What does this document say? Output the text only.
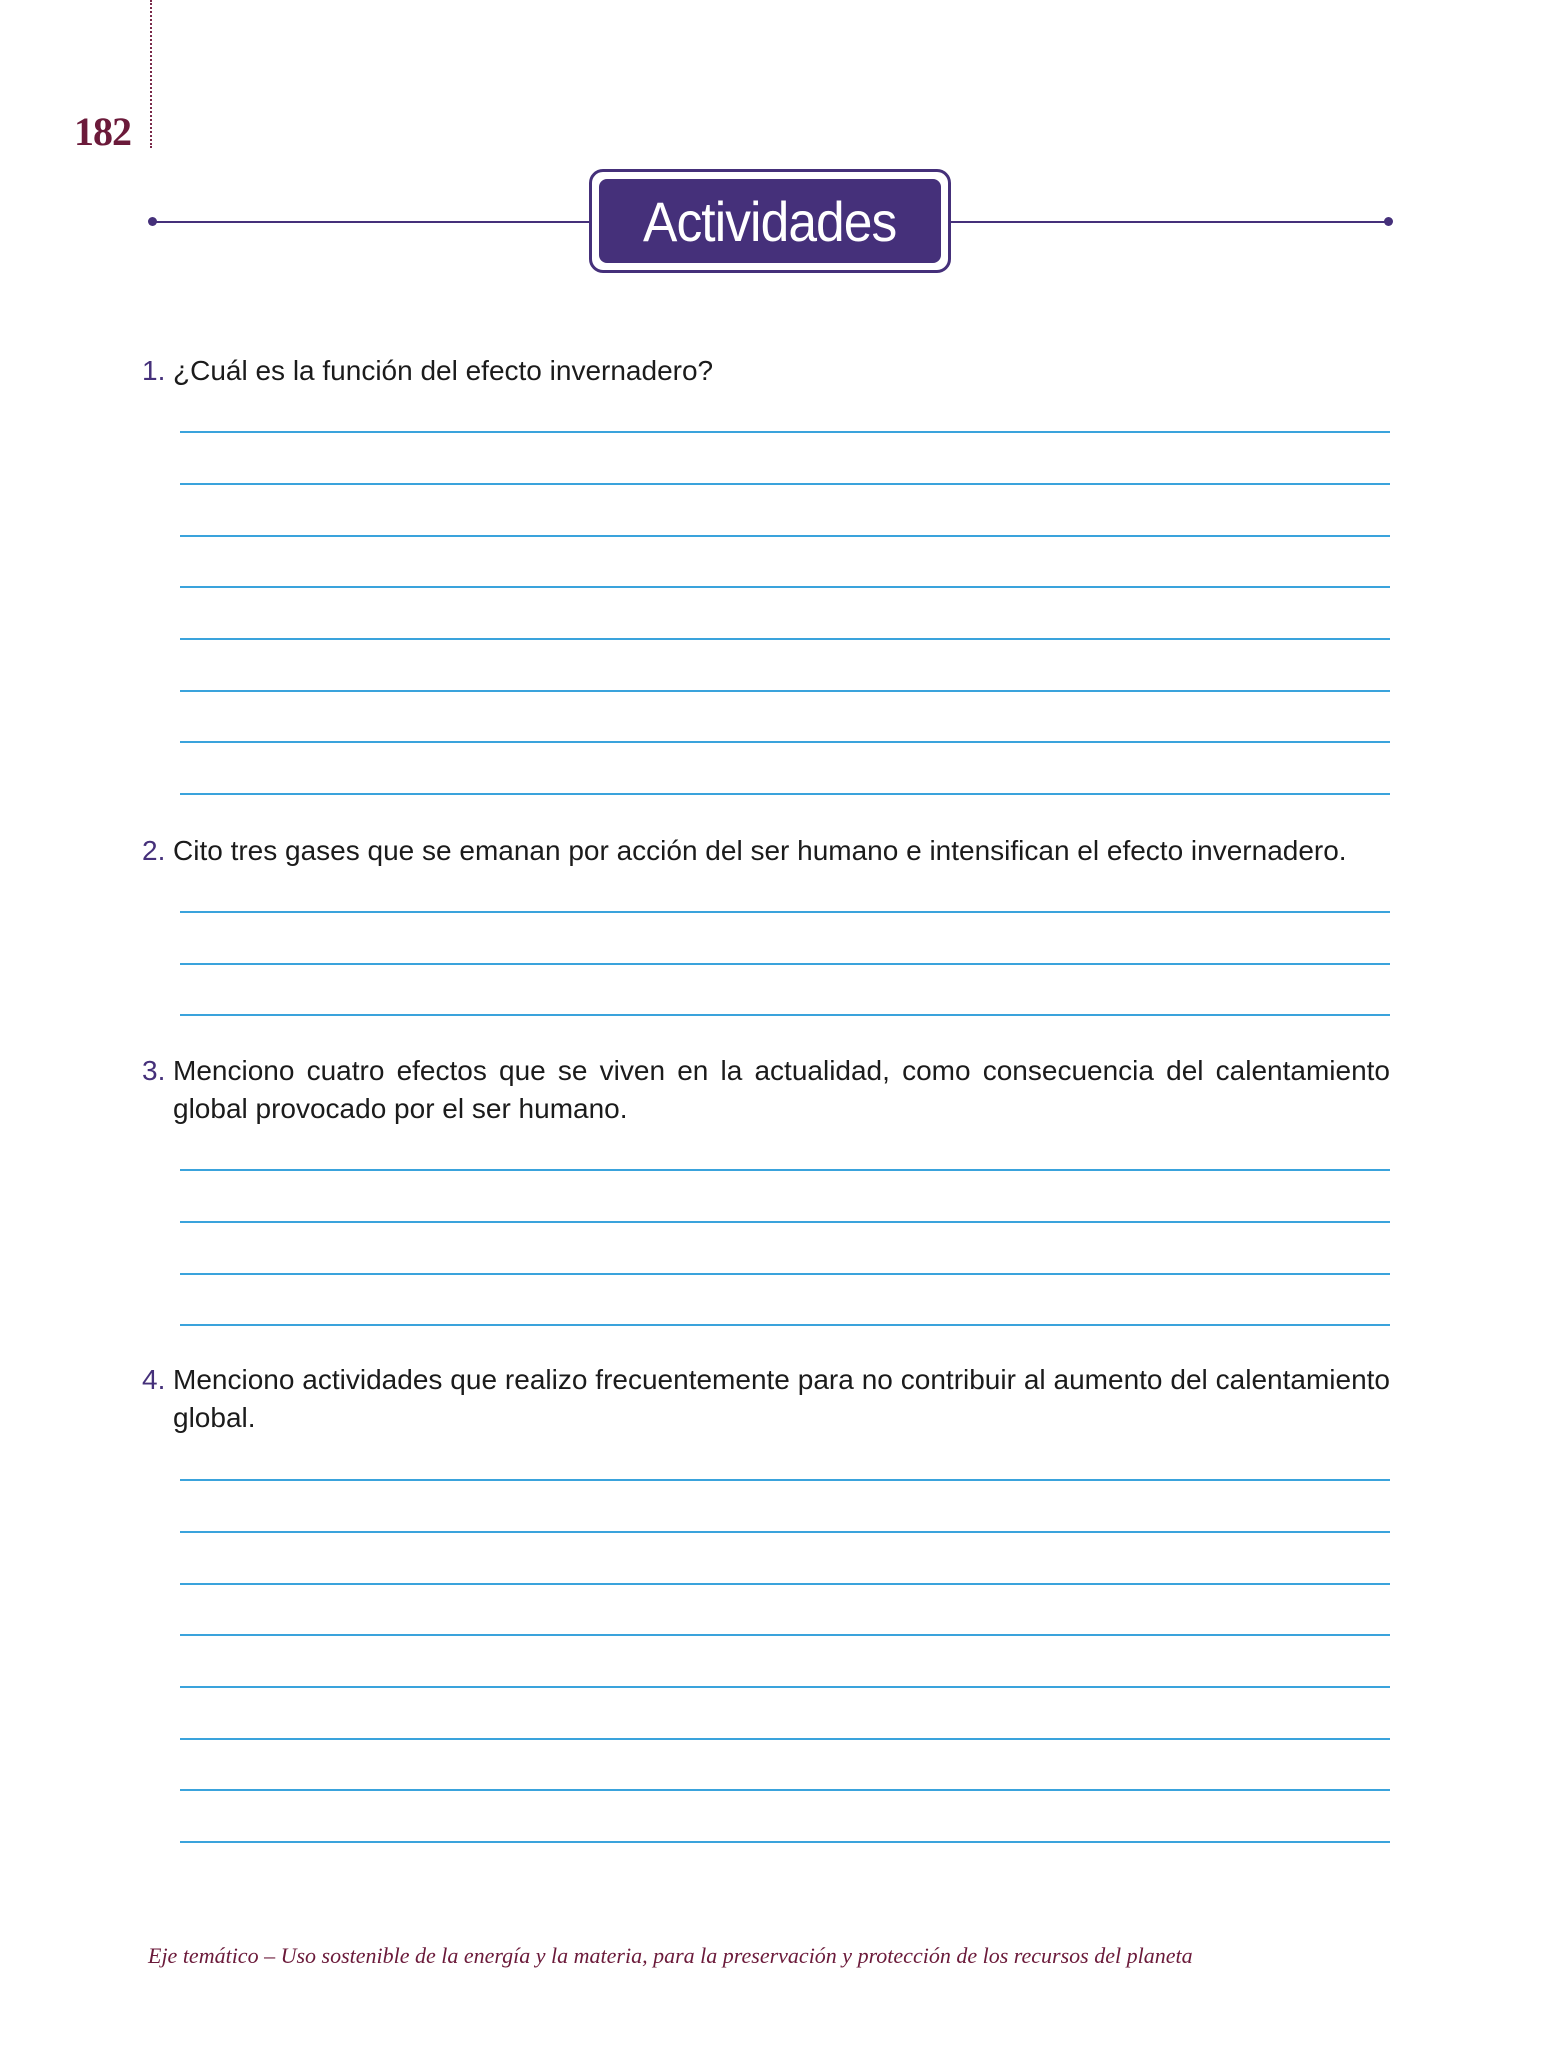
182
Actividades
1. ¿Cuál es la función del efecto invernadero?
2. Cito tres gases que se emanan por acción del ser humano e intensifican el efecto invernadero.
3. Menciono cuatro efectos que se viven en la actualidad, como consecuencia del calentamiento global provocado por el ser humano.
4. Menciono actividades que realizo frecuentemente para no contribuir al aumento del calentamiento global.
Eje temático – Uso sostenible de la energía y la materia, para la preservación y protección de los recursos del planeta
